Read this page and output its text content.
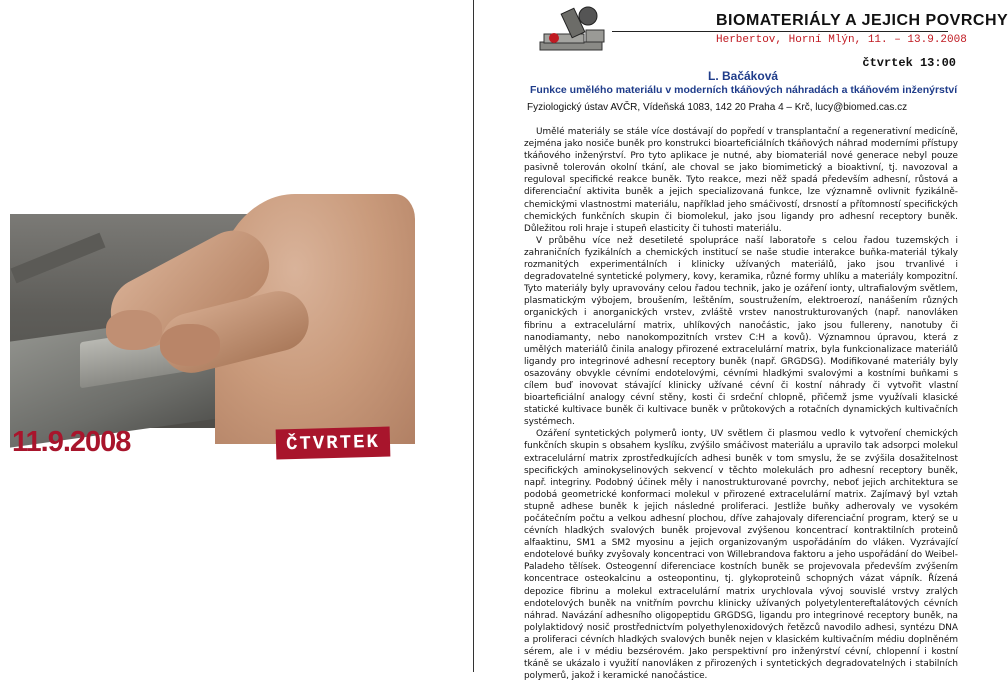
11.9.2008	ČTVRTEK
BIOMATERIÁLY A JEJICH POVRCHY
Herbertov, Horní Mlýn, 11. – 13.9.2008
čtvrtek 13:00
L. Bačáková
Funkce umělého materiálu v moderních tkáňových náhradách a tkáňovém inženýrství
Fyziologický ústav AVČR, Vídeňská 1083, 142 20 Praha 4 – Krč, lucy@biomed.cas.cz

Umělé materiály se stále více dostávají do popředí v transplantační a regenerativní medicíně, zejména jako nosiče buněk pro konstrukci bioarteficiálních tkáňových náhrad moderními přístupy tkáňového inženýrství. Pro tyto aplikace je nutné, aby biomateriál nové generace nebyl pouze pasivně tolerován okolní tkání, ale choval se jako biomimetický a bioaktivní, tj. navozoval a reguloval specifické reakce buněk. Tyto reakce, mezi něž spadá především adhesní, růstová a diferenciační aktivita buněk a jejich specializovaná funkce, lze významně ovlivnit fyzikálně-chemickými vlastnostmi materiálu, například jeho smáčivostí, drsností a přítomností specifických chemických funkčních skupin či biomolekul, jako jsou ligandy pro adhesní receptory buněk. Důležitou roli hraje i stupeň elasticity či tuhosti materiálu.

V průběhu více než desetileté spolupráce naší laboratoře s celou řadou tuzemských i zahraničních fyzikálních a chemických institucí se naše studie interakce buňka-materiál týkaly rozmanitých experimentálních i klinicky užívaných materiálů, jako jsou trvanlivé i degradovatelné syntetické polymery, kovy, keramika, různé formy uhlíku a materiály kompozitní. Tyto materiály byly upravovány celou řadou technik, jako je ozáření ionty, ultrafialovým světlem, plasmatickým výbojem, broušením, leštěním, soustružením, elektroerozí, nanášením různých organických i anorganických vrstev, zvláště vrstev nanostrukturovaných (např. nanovláken fibrinu a extracelulární matrix, uhlíkových nanočástic, jako jsou fullereny, nanotuby či nanodiamanty, nebo nanokompozitních vrstev C:H a kovů). Významnou úpravou, která z umělých materiálů činila analogy přirozené extracelulární matrix, byla funkcionalizace materiálů ligandy pro integrinové adhesní receptory buněk (např. GRGDSG). Modifikované materiály byly osazovány obvykle cévními endotelovými, cévními hladkými svalovými a kostními buňkami s cílem buď inovovat stávající klinicky užívané cévní či kostní náhrady či vytvořit vlastní bioarteficiální analogy cévní stěny, kosti či srdeční chlopně, přičemž jsme využívali klasické statické kultivace buněk či kultivace buněk v průtokových a rotačních dynamických kultivačních systémech.

Ozáření syntetických polymerů ionty, UV světlem či plasmou vedlo k vytvoření chemických funkčních skupin s obsahem kyslíku, zvýšilo smáčivost materiálu a upravilo tak adsorpci molekul extracelulární matrix zprostředkujících adhesi buněk v tom smyslu, že se zvýšila dosažitelnost specifických aminokyselinových sekvencí v těchto molekulách pro adhesní receptory buněk, např. integriny. Podobný účinek měly i nanostrukturované povrchy, neboť jejich architektura se podobá geometrické konformaci molekul v přirozené extracelulární matrix. Zajímavý byl vztah stupně adhese buněk k jejich následné proliferaci. Jestliže buňky adherovaly ve vysokém počátečním počtu a velkou adhesní plochou, dříve zahajovaly diferenciační program, který se u cévních hladkých svalových buněk projevoval zvýšenou koncentrací kontraktilních proteinů alfaaktinu, SM1 a SM2 myosinu a jejich organizovaným uspořádáním do vláken. Vyzrávající endotelové buňky zvyšovaly koncentraci von Willebrandova faktoru a jeho uspořádání do Weibel-Paladeho tělísek. Osteogenní diferenciace kostních buněk se projevovala především zvýšením koncentrace osteokalcinu a osteopontinu, tj. glykoproteinů schopných vázat vápník. Řízená depozice fibrinu a molekul extracelulární matrix urychlovala vývoj souvislé vrstvy zralých endotelových buněk na vnitřním povrchu klinicky užívaných polyetylentereftalátových cévních náhrad. Navázání adhesního oligopeptidu GRGDSG, ligandu pro integrinové receptory buněk, na polylaktidový nosič prostřednictvím polyethylenoxidových řetězců navodilo adhesi, syntézu DNA a proliferaci cévních hladkých svalových buněk nejen v klasickém kultivačním médiu doplněném sérem, ale i v médiu bezsérovém. Jako perspektivní pro inženýrství cévní, chlopenní i kostní tkáně se ukázalo i využití nanovláken z přirozených i syntetických degradovatelných i stabilních polymerů, jakož i keramické nanočástice.
